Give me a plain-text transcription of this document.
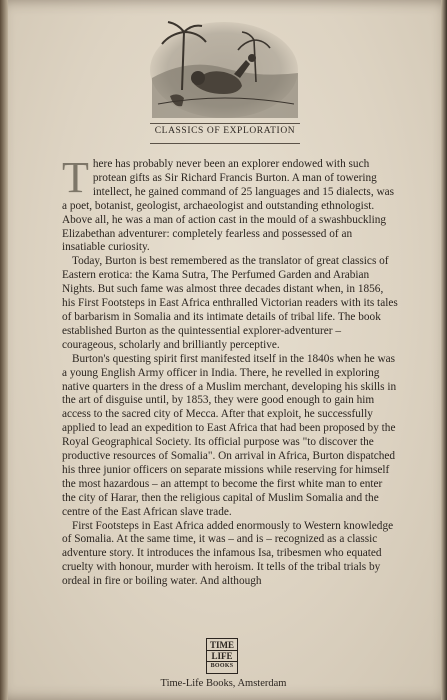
CLASSICS OF EXPLORATION

There has probably never been an explorer endowed with such protean gifts as Sir Richard Francis Burton. A man of towering intellect, he gained command of 25 languages and 15 dialects, was a poet, botanist, geologist, archaeologist and outstanding ethnologist. Above all, he was a man of action cast in the mould of a swashbuckling Elizabethan adventurer: completely fearless and possessed of an insatiable curiosity.

Today, Burton is best remembered as the translator of great classics of Eastern erotica: the Kama Sutra, The Perfumed Garden and Arabian Nights. But such fame was almost three decades distant when, in 1856, his First Footsteps in East Africa enthralled Victorian readers with its tales of barbarism in Somalia and its intimate details of tribal life. The book established Burton as the quintessential explorer-adventurer – courageous, scholarly and brilliantly perceptive.

Burton's questing spirit first manifested itself in the 1840s when he was a young English Army officer in India. There, he revelled in exploring native quarters in the dress of a Muslim merchant, developing his skills in the art of disguise until, by 1853, they were good enough to gain him access to the sacred city of Mecca. After that exploit, he successfully applied to lead an expedition to East Africa that had been proposed by the Royal Geographical Society. Its official purpose was "to discover the productive resources of Somalia". On arrival in Africa, Burton dispatched his three junior officers on separate missions while reserving for himself the most hazardous – an attempt to become the first white man to enter the city of Harar, then the religious capital of Muslim Somalia and the centre of the East African slave trade.

First Footsteps in East Africa added enormously to Western knowledge of Somalia. At the same time, it was – and is – recognized as a classic adventure story. It introduces the infamous Isa, tribesmen who equated cruelty with honour, murder with heroism. It tells of the tribal trials by ordeal in fire or boiling water. And although

TIME
LIFE
BOOKS
Time-Life Books, Amsterdam
